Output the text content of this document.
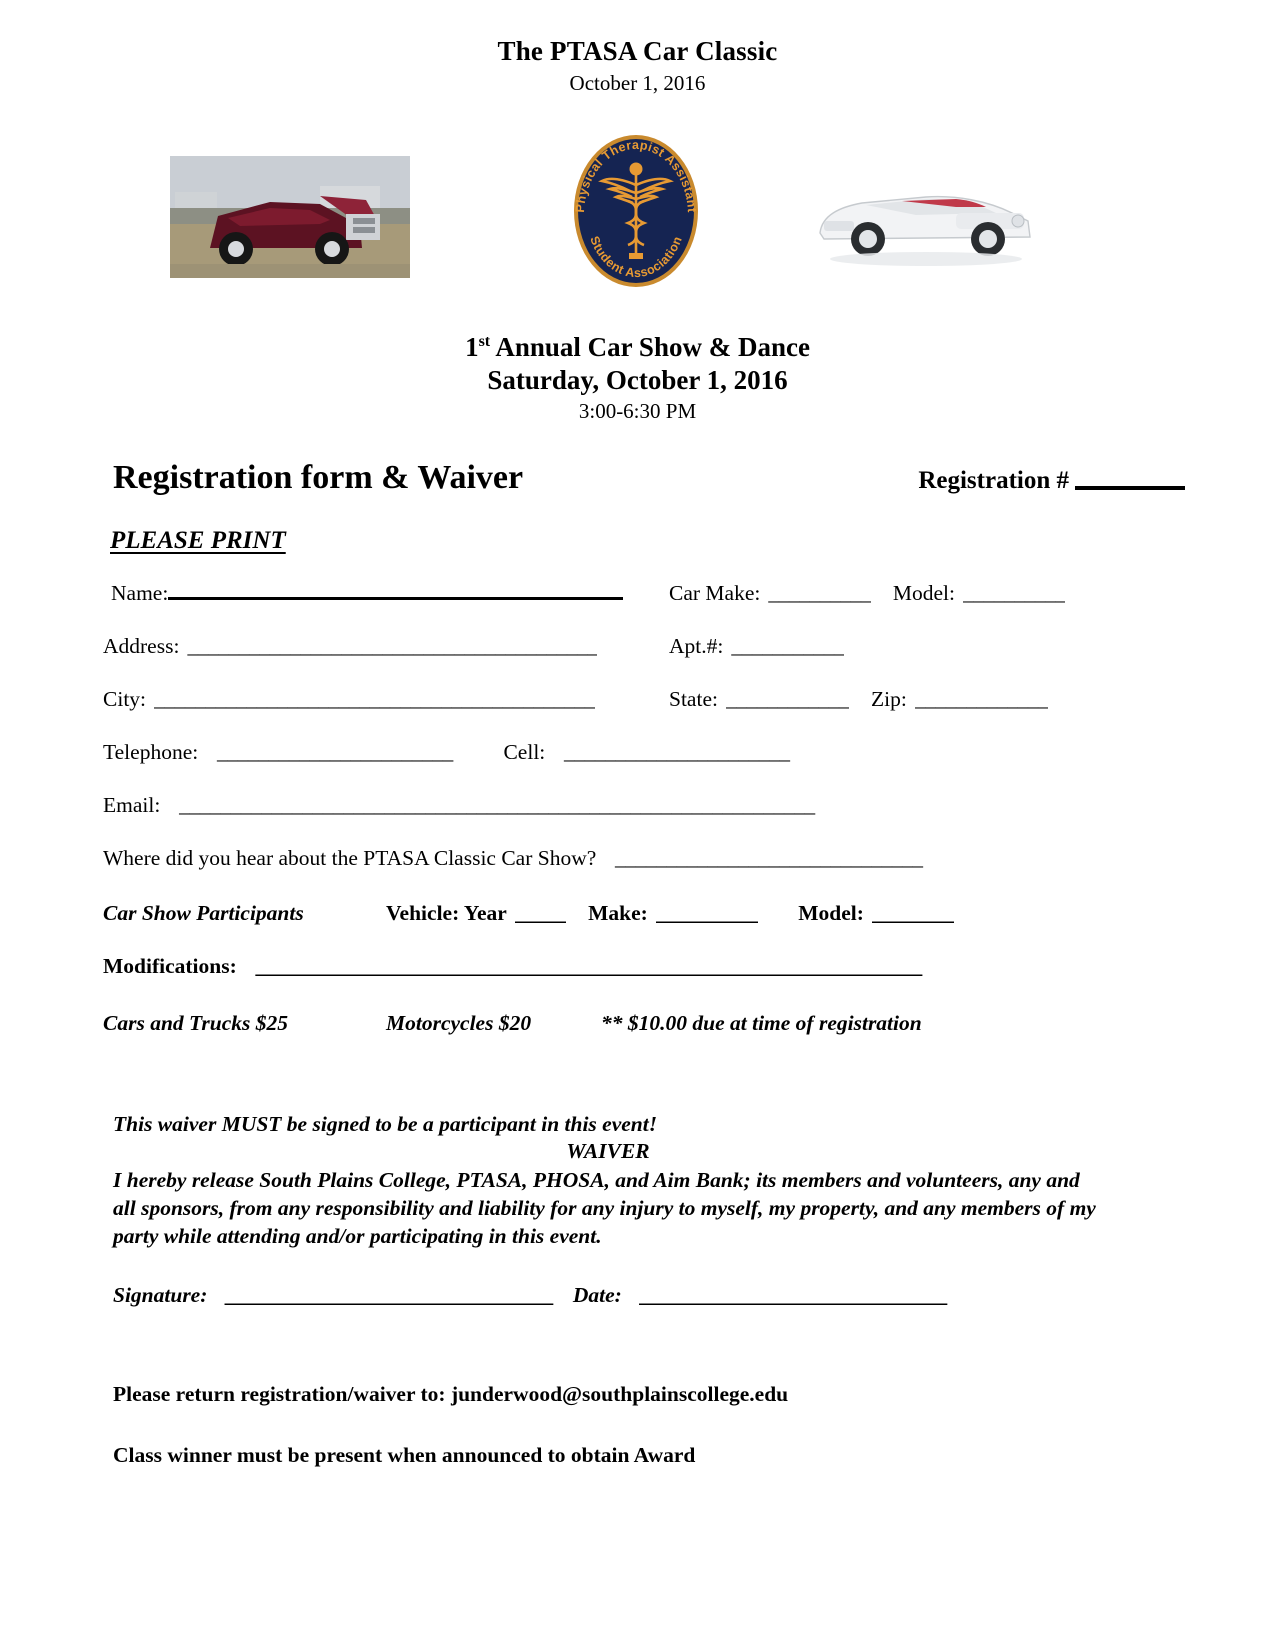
The PTASA Car Classic

October 1, 2016

Physical Therapist Assistant
Student Association

1st Annual Car Show & Dance

Saturday, October 1, 2016

3:00-6:30 PM

Registration form & Waiver	Registration #
PLEASE PRINT
Name:	Car Make: __________ Model: __________
Address: ________________________________________	Apt.#: ___________
City: ___________________________________________	State: ____________ Zip: _____________
Telephone: _______________________ Cell: ______________________
Email: ______________________________________________________________
Where did you hear about the PTASA Classic Car Show? ______________________________
Car Show Participants	Vehicle: Year _____ Make: __________ Model: ________
Modifications: _________________________________________________________________
Cars and Trucks $25	Motorcycles $20	** $10.00 due at time of registration
This waiver MUST be signed to be a participant in this event!
WAIVER
I hereby release South Plains College, PTASA, PHOSA, and Aim Bank; its members and volunteers, any and all sponsors, from any responsibility and liability for any injury to myself, my property, and any members of my party while attending and/or participating in this event.
Signature: ________________________________ Date: ______________________________
Please return registration/waiver to: junderwood@southplainscollege.edu
Class winner must be present when announced to obtain Award
